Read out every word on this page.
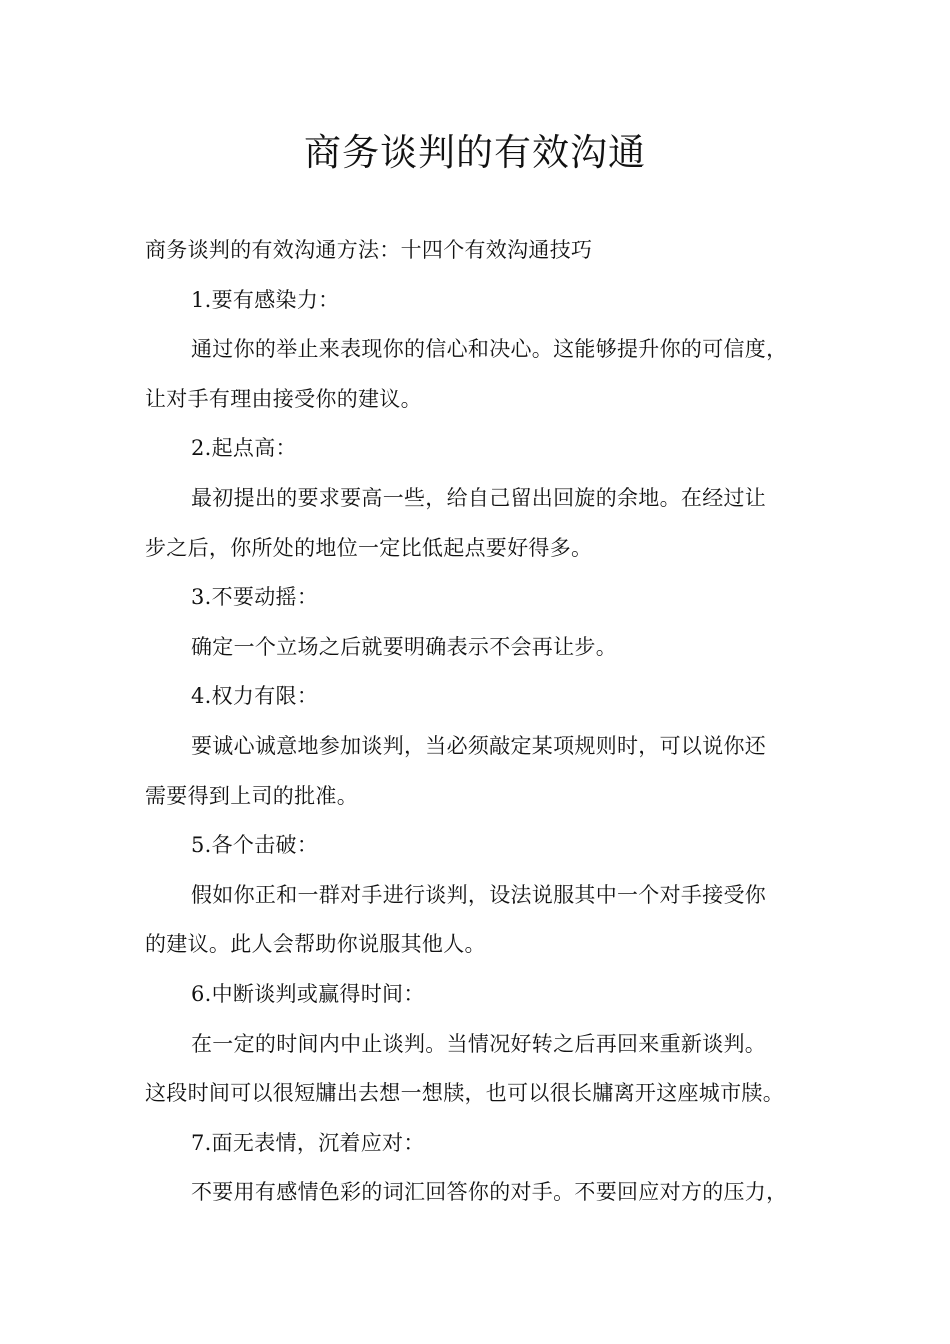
商务谈判的有效沟通
商务谈判的有效沟通方法：十四个有效沟通技巧
1.要有感染力：
通过你的举止来表现你的信心和决心。这能够提升你的可信度，
让对手有理由接受你的建议。
2.起点高：
最初提出的要求要高一些，给自己留出回旋的余地。在经过让
步之后，你所处的地位一定比低起点要好得多。
3.不要动摇：
确定一个立场之后就要明确表示不会再让步。
4.权力有限：
要诚心诚意地参加谈判，当必须敲定某项规则时，可以说你还
需要得到上司的批准。
5.各个击破：
假如你正和一群对手进行谈判，设法说服其中一个对手接受你
的建议。此人会帮助你说服其他人。
6.中断谈判或赢得时间：
在一定的时间内中止谈判。当情况好转之后再回来重新谈判。
这段时间可以很短牗出去想一想牍，也可以很长牗离开这座城市牍。
7.面无表情，沉着应对：
不要用有感情色彩的词汇回答你的对手。不要回应对方的压力，
